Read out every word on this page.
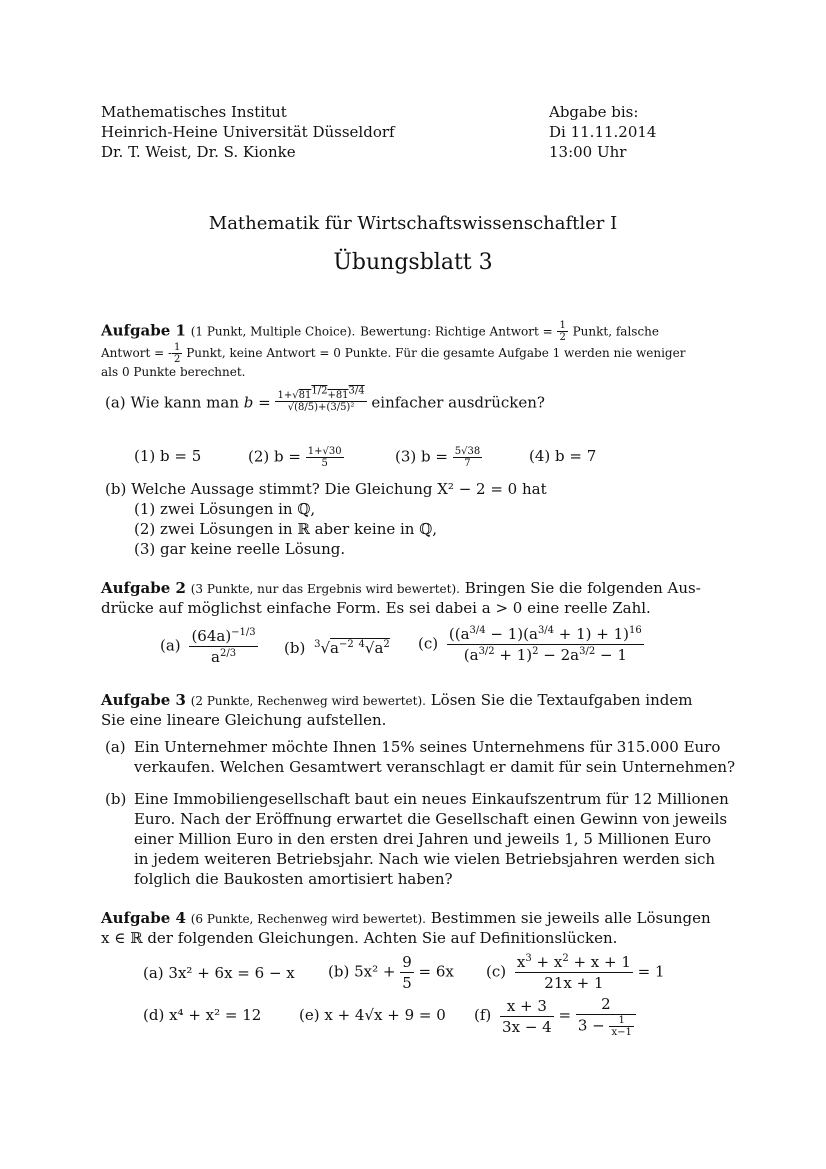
Mathematisches Institut
Heinrich-Heine Universität Düsseldorf
Dr. T. Weist, Dr. S. Kionke
Abgabe bis:
Di 11.11.2014
13:00 Uhr
Mathematik für Wirtschaftswissenschaftler I
Übungsblatt 3
Aufgabe 1 (1 Punkt, Multiple Choice). Bewertung: Richtige Antwort = $\frac{1}{2}$ Punkt, falsche
Antwort = - $\frac{1}{2}$ Punkt, keine Antwort = 0 Punkte. Für die gesamte Aufgabe 1 werden nie weniger
als 0 Punkte berechnet.
(a) Wie kann man $b = \frac{1+√81^{1/2}+81^{3/4}}{\text{√(8/5)+(3/5)²}}$ einfacher ausdrücken?
(1) b = 5	(2) $b = \frac{1+√30}{5}$	(3) $b = \frac{5√38}{7}$	(4) b = 7
(b) Welche Aussage stimmt? Die Gleichung X² − 2 = 0 hat
(1) zwei Lösungen in ℚ,
(2) zwei Lösungen in ℝ aber keine in ℚ,
(3) gar keine reelle Lösung.
Aufgabe 2 (3 Punkte, nur das Ergebnis wird bewertet). Bringen Sie die folgenden Aus-
drücke auf möglichst einfache Form. Es sei dabei a > 0 eine reelle Zahl.
$(a) \frac{(64a)^{-1/3}}{a^{2/3}} (b)$ $^3√a^{-2}$ $^4√a^2$ $(c) \frac{((a^{3/4} - 1)(a^{3/4} + 1) + 1)^{16}}{(a^{3/2} + 1)^2 - 2a^{3/2} - 1}$
Aufgabe 3 (2 Punkte, Rechenweg wird bewertet). Lösen Sie die Textaufgaben indem
Sie eine lineare Gleichung aufstellen.
(a) Ein Unternehmer möchte Ihnen 15% seines Unternehmens für 315.000 Euro
verkaufen. Welchen Gesamtwert veranschlagt er damit für sein Unternehmen?
(b) Eine Immobiliengesellschaft baut ein neues Einkaufszentrum für 12 Millionen
Euro. Nach der Eröffnung erwartet die Gesellschaft einen Gewinn von jeweils
einer Million Euro in den ersten drei Jahren und jeweils 1, 5 Millionen Euro
in jedem weiteren Betriebsjahr. Nach wie vielen Betriebsjahren werden sich
folglich die Baukosten amortisiert haben?
Aufgabe 4 (6 Punkte, Rechenweg wird bewertet). Bestimmen sie jeweils alle Lösungen
x ∈ ℝ der folgenden Gleichungen. Achten Sie auf Definitionslücken.
(a) 3x² + 6x = 6 − x (b) $5x^2 + \frac{9}{5} = 6x$ $(c) \frac{x^3 + x^2 + x + 1}{21x + 1} = 1$
(d) x⁴ + x² = 12	(e) x + 4√x + 9 = 0 $(f) \frac{x + 3}{3x - 4} = \frac{2}{3 - \frac{1}{x-1}}$
